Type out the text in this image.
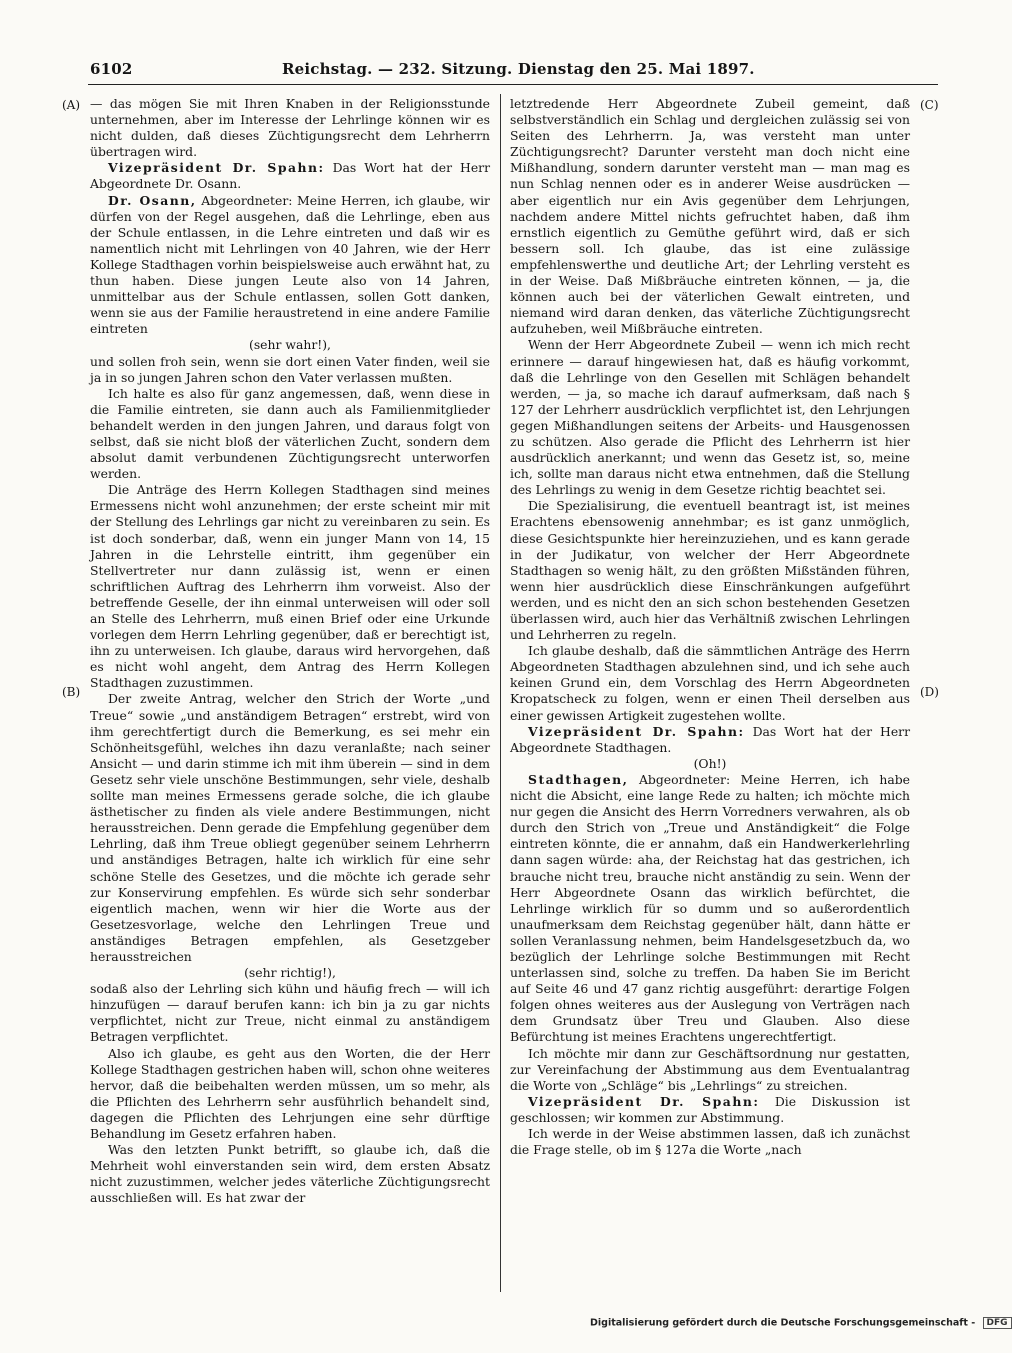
6102	Reichstag. — 232. Sitzung. Dienstag den 25. Mai 1897.
(A)
(B)
(C)
(D)

— das mögen Sie mit Ihren Knaben in der Religionsstunde unternehmen, aber im Interesse der Lehrlinge können wir es nicht dulden, daß dieses Züchtigungsrecht dem Lehrherrn übertragen wird.

Vizepräsident Dr. Spahn: Das Wort hat der Herr Abgeordnete Dr. Osann.

Dr. Osann, Abgeordneter: Meine Herren, ich glaube, wir dürfen von der Regel ausgehen, daß die Lehrlinge, eben aus der Schule entlassen, in die Lehre eintreten und daß wir es namentlich nicht mit Lehrlingen von 40 Jahren, wie der Herr Kollege Stadthagen vorhin beispielsweise auch erwähnt hat, zu thun haben. Diese jungen Leute also von 14 Jahren, unmittelbar aus der Schule entlassen, sollen Gott danken, wenn sie aus der Familie heraustretend in eine andere Familie eintreten

(sehr wahr!),

und sollen froh sein, wenn sie dort einen Vater finden, weil sie ja in so jungen Jahren schon den Vater verlassen mußten.

Ich halte es also für ganz angemessen, daß, wenn diese in die Familie eintreten, sie dann auch als Familienmitglieder behandelt werden in den jungen Jahren, und daraus folgt von selbst, daß sie nicht bloß der väterlichen Zucht, sondern dem absolut damit verbundenen Züchtigungsrecht unterworfen werden.

Die Anträge des Herrn Kollegen Stadthagen sind meines Ermessens nicht wohl anzunehmen; der erste scheint mir mit der Stellung des Lehrlings gar nicht zu vereinbaren zu sein. Es ist doch sonderbar, daß, wenn ein junger Mann von 14, 15 Jahren in die Lehrstelle eintritt, ihm gegenüber ein Stellvertreter nur dann zulässig ist, wenn er einen schriftlichen Auftrag des Lehrherrn ihm vorweist. Also der betreffende Geselle, der ihn einmal unterweisen will oder soll an Stelle des Lehrherrn, muß einen Brief oder eine Urkunde vorlegen dem Herrn Lehrling gegenüber, daß er berechtigt ist, ihn zu unterweisen. Ich glaube, daraus wird hervorgehen, daß es nicht wohl angeht, dem Antrag des Herrn Kollegen Stadthagen zuzustimmen.

Der zweite Antrag, welcher den Strich der Worte „und Treue“ sowie „und anständigem Betragen“ erstrebt, wird von ihm gerechtfertigt durch die Bemerkung, es sei mehr ein Schönheitsgefühl, welches ihn dazu veranlaßte; nach seiner Ansicht — und darin stimme ich mit ihm überein — sind in dem Gesetz sehr viele unschöne Bestimmungen, sehr viele, deshalb sollte man meines Ermessens gerade solche, die ich glaube ästhetischer zu finden als viele andere Bestimmungen, nicht herausstreichen. Denn gerade die Empfehlung gegenüber dem Lehrling, daß ihm Treue obliegt gegenüber seinem Lehrherrn und anständiges Betragen, halte ich wirklich für eine sehr schöne Stelle des Gesetzes, und die möchte ich gerade sehr zur Konservirung empfehlen. Es würde sich sehr sonderbar eigentlich machen, wenn wir hier die Worte aus der Gesetzesvorlage, welche den Lehrlingen Treue und anständiges Betragen empfehlen, als Gesetzgeber herausstreichen

(sehr richtig!),

sodaß also der Lehrling sich kühn und häufig frech — will ich hinzufügen — darauf berufen kann: ich bin ja zu gar nichts verpflichtet, nicht zur Treue, nicht einmal zu anständigem Betragen verpflichtet.

Also ich glaube, es geht aus den Worten, die der Herr Kollege Stadthagen gestrichen haben will, schon ohne weiteres hervor, daß die beibehalten werden müssen, um so mehr, als die Pflichten des Lehrherrn sehr ausführlich behandelt sind, dagegen die Pflichten des Lehrjungen eine sehr dürftige Behandlung im Gesetz erfahren haben.

Was den letzten Punkt betrifft, so glaube ich, daß die Mehrheit wohl einverstanden sein wird, dem ersten Absatz nicht zuzustimmen, welcher jedes väterliche Züchtigungsrecht ausschließen will. Es hat zwar der

letztredende Herr Abgeordnete Zubeil gemeint, daß selbstverständlich ein Schlag und dergleichen zulässig sei von Seiten des Lehrherrn. Ja, was versteht man unter Züchtigungsrecht? Darunter versteht man doch nicht eine Mißhandlung, sondern darunter versteht man — man mag es nun Schlag nennen oder es in anderer Weise ausdrücken — aber eigentlich nur ein Avis gegenüber dem Lehrjungen, nachdem andere Mittel nichts gefruchtet haben, daß ihm ernstlich eigentlich zu Gemüthe geführt wird, daß er sich bessern soll. Ich glaube, das ist eine zulässige empfehlenswerthe und deutliche Art; der Lehrling versteht es in der Weise. Daß Mißbräuche eintreten können, — ja, die können auch bei der väterlichen Gewalt eintreten, und niemand wird daran denken, das väterliche Züchtigungsrecht aufzuheben, weil Mißbräuche eintreten.

Wenn der Herr Abgeordnete Zubeil — wenn ich mich recht erinnere — darauf hingewiesen hat, daß es häufig vorkommt, daß die Lehrlinge von den Gesellen mit Schlägen behandelt werden, — ja, so mache ich darauf aufmerksam, daß nach § 127 der Lehrherr ausdrücklich verpflichtet ist, den Lehrjungen gegen Mißhandlungen seitens der Arbeits- und Hausgenossen zu schützen. Also gerade die Pflicht des Lehrherrn ist hier ausdrücklich anerkannt; und wenn das Gesetz ist, so, meine ich, sollte man daraus nicht etwa entnehmen, daß die Stellung des Lehrlings zu wenig in dem Gesetze richtig beachtet sei.

Die Spezialisirung, die eventuell beantragt ist, ist meines Erachtens ebensowenig annehmbar; es ist ganz unmöglich, diese Gesichtspunkte hier hereinzuziehen, und es kann gerade in der Judikatur, von welcher der Herr Abgeordnete Stadthagen so wenig hält, zu den größten Mißständen führen, wenn hier ausdrücklich diese Einschränkungen aufgeführt werden, und es nicht den an sich schon bestehenden Gesetzen überlassen wird, auch hier das Verhältniß zwischen Lehrlingen und Lehrherren zu regeln.

Ich glaube deshalb, daß die sämmtlichen Anträge des Herrn Abgeordneten Stadthagen abzulehnen sind, und ich sehe auch keinen Grund ein, dem Vorschlag des Herrn Abgeordneten Kropatscheck zu folgen, wenn er einen Theil derselben aus einer gewissen Artigkeit zugestehen wollte.

Vizepräsident Dr. Spahn: Das Wort hat der Herr Abgeordnete Stadthagen.

(Oh!)

Stadthagen, Abgeordneter: Meine Herren, ich habe nicht die Absicht, eine lange Rede zu halten; ich möchte mich nur gegen die Ansicht des Herrn Vorredners verwahren, als ob durch den Strich von „Treue und Anständigkeit“ die Folge eintreten könnte, die er annahm, daß ein Handwerkerlehrling dann sagen würde: aha, der Reichstag hat das gestrichen, ich brauche nicht treu, brauche nicht anständig zu sein. Wenn der Herr Abgeordnete Osann das wirklich befürchtet, die Lehrlinge wirklich für so dumm und so außerordentlich unaufmerksam dem Reichstag gegenüber hält, dann hätte er sollen Veranlassung nehmen, beim Handelsgesetzbuch da, wo bezüglich der Lehrlinge solche Bestimmungen mit Recht unterlassen sind, solche zu treffen. Da haben Sie im Bericht auf Seite 46 und 47 ganz richtig ausgeführt: derartige Folgen folgen ohnes weiteres aus der Auslegung von Verträgen nach dem Grundsatz über Treu und Glauben. Also diese Befürchtung ist meines Erachtens ungerechtfertigt.

Ich möchte mir dann zur Geschäftsordnung nur gestatten, zur Vereinfachung der Abstimmung aus dem Eventualantrag die Worte von „Schläge“ bis „Lehrlings“ zu streichen.

Vizepräsident Dr. Spahn: Die Diskussion ist geschlossen; wir kommen zur Abstimmung.

Ich werde in der Weise abstimmen lassen, daß ich zunächst die Frage stelle, ob im § 127a die Worte „nach

Digitalisierung gefördert durch die Deutsche Forschungsgemeinschaft - DFG
